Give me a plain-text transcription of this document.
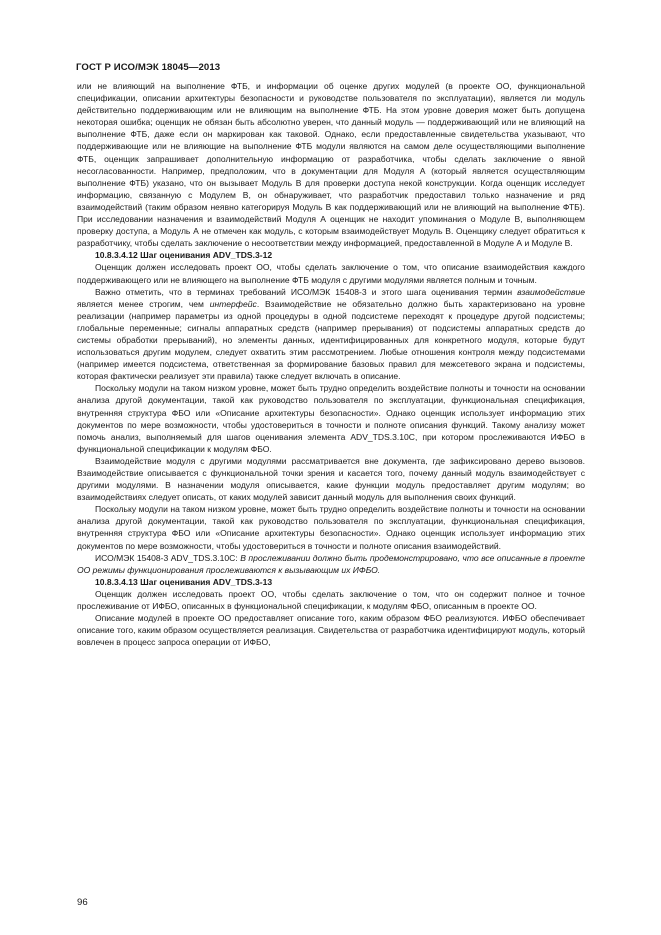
ГОСТ Р ИСО/МЭК 18045—2013

или не влияющий на выполнение ФТБ, и информации об оценке других модулей (в проекте ОО, функциональной спецификации, описании архитектуры безопасности и руководстве пользователя по эксплуатации), является ли модуль действительно поддерживающим или не влияющим на выполнение ФТБ. На этом уровне доверия может быть допущена некоторая ошибка; оценщик не обязан быть абсолютно уверен, что данный модуль — поддерживающий или не влияющий на выполнение ФТБ, даже если он маркирован как таковой. Однако, если предоставленные свидетельства указывают, что поддерживающие или не влияющие на выполнение ФТБ модули являются на самом деле осуществляющими выполнение ФТБ, оценщик запрашивает дополнительную информацию от разработчика, чтобы сделать заключение о явной несогласованности. Например, предположим, что в документации для Модуля А (который является осуществляющим выполнение ФТБ) указано, что он вызывает Модуль В для проверки доступа некой конструкции. Когда оценщик исследует информацию, связанную с Модулем В, он обнаруживает, что разработчик предоставил только назначение и ряд взаимодействий (таким образом неявно категорируя Модуль В как поддерживающий или не влияющий на выполнение ФТБ). При исследовании назначения и взаимодействий Модуля А оценщик не находит упоминания о Модуле В, выполняющем проверку доступа, а Модуль А не отмечен как модуль, с которым взаимодействует Модуль В. Оценщику следует обратиться к разработчику, чтобы сделать заключение о несоответствии между информацией, предоставленной в Модуле А и Модуле В.

10.8.3.4.12 Шаг оценивания ADV_TDS.3-12

Оценщик должен исследовать проект ОО, чтобы сделать заключение о том, что описание взаимодействия каждого поддерживающего или не влияющего на выполнение ФТБ модуля с другими модулями является полным и точным.

Важно отметить, что в терминах требований ИСО/МЭК 15408-3 и этого шага оценивания термин взаимодействие является менее строгим, чем интерфейс. Взаимодействие не обязательно должно быть характеризовано на уровне реализации (например параметры из одной процедуры в одной подсистеме переходят к процедуре другой подсистемы; глобальные переменные; сигналы аппаратных средств (например прерывания) от подсистемы аппаратных средств до системы обработки прерываний), но элементы данных, идентифицированных для конкретного модуля, которые будут использоваться другим модулем, следует охватить этим рассмотрением. Любые отношения контроля между подсистемами (например имеется подсистема, ответственная за формирование базовых правил для межсетевого экрана и подсистемы, которая фактически реализует эти правила) также следует включать в описание.

Поскольку модули на таком низком уровне, может быть трудно определить воздействие полноты и точности на основании анализа другой документации, такой как руководство пользователя по эксплуатации, функциональная спецификация, внутренняя структура ФБО или «Описание архитектуры безопасности». Однако оценщик использует информацию этих документов по мере возможности, чтобы удостовериться в точности и полноте описания функций. Такому анализу может помочь анализ, выполняемый для шагов оценивания элемента ADV_TDS.3.10С, при котором прослеживаются ИФБО в функциональной спецификации к модулям ФБО.

Взаимодействие модуля с другими модулями рассматривается вне документа, где зафиксировано дерево вызовов. Взаимодействие описывается с функциональной точки зрения и касается того, почему данный модуль взаимодействует с другими модулями. В назначении модуля описывается, какие функции модуль предоставляет другим модулям; во взаимодействиях следует описать, от каких модулей зависит данный модуль для выполнения своих функций.

Поскольку модули на таком низком уровне, может быть трудно определить воздействие полноты и точности на основании анализа другой документации, такой как руководство пользователя по эксплуатации, функциональная спецификация, внутренняя структура ФБО или «Описание архитектуры безопасности». Однако оценщик использует информацию этих документов по мере возможности, чтобы удостовериться в точности и полноте описания взаимодействий.

ИСО/МЭК 15408-3 ADV_TDS.3.10С: В прослеживании должно быть продемонстрировано, что все описанные в проекте ОО режимы функционирования прослеживаются к вызывающим их ИФБО.

10.8.3.4.13 Шаг оценивания ADV_TDS.3-13

Оценщик должен исследовать проект ОО, чтобы сделать заключение о том, что он содержит полное и точное прослеживание от ИФБО, описанных в функциональной спецификации, к модулям ФБО, описанным в проекте ОО.

Описание модулей в проекте ОО предоставляет описание того, каким образом ФБО реализуются. ИФБО обеспечивает описание того, каким образом осуществляется реализация. Свидетельства от разработчика идентифицируют модуль, который вовлечен в процесс запроса операции от ИФБО,

96
